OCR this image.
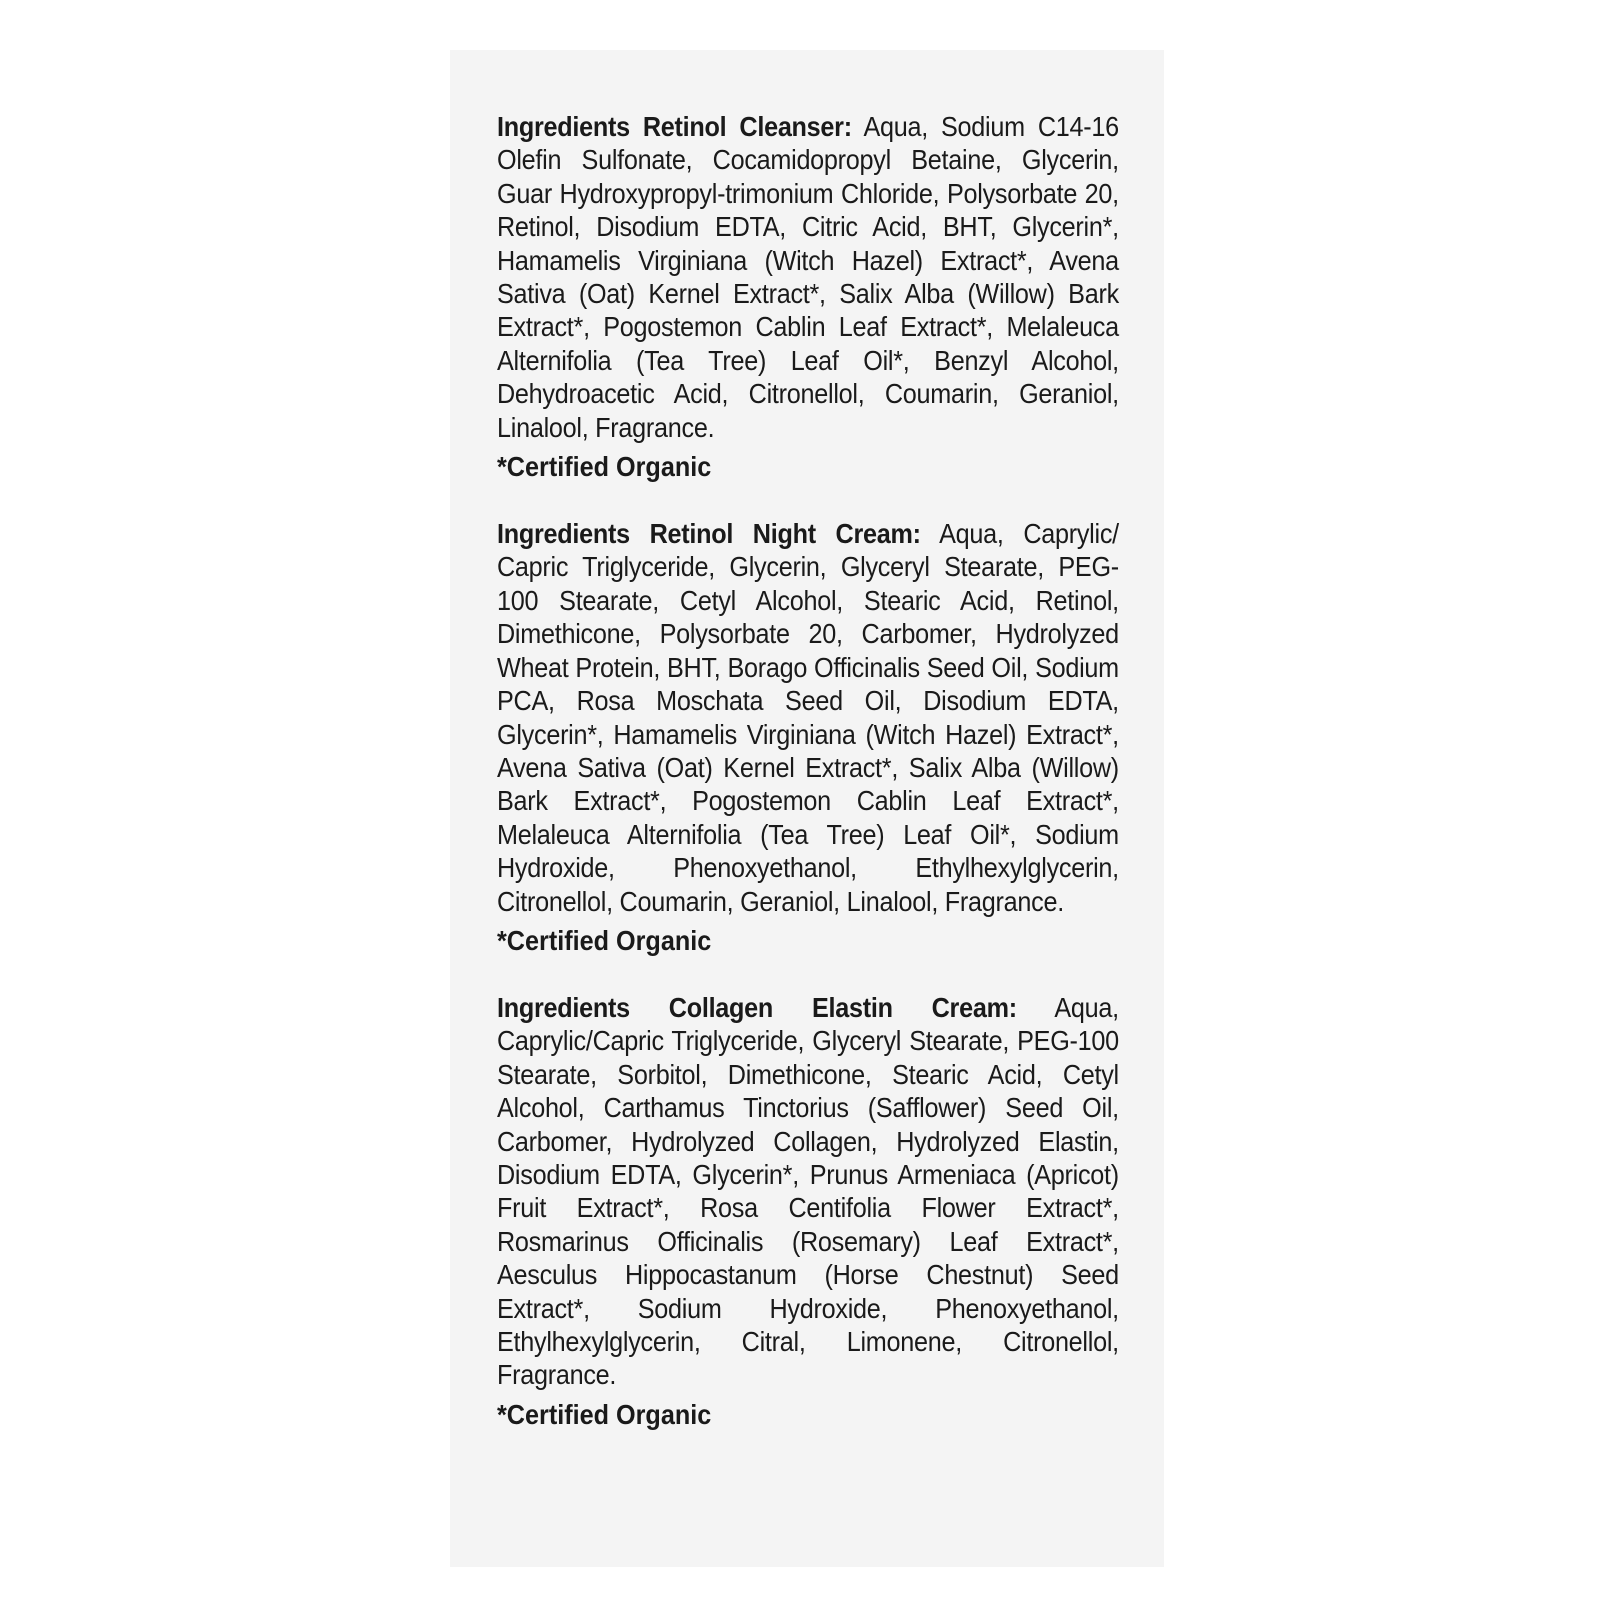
Ingredients Retinol Cleanser: Aqua, Sodium C14-16 Olefin Sulfonate, Cocamidopropyl Betaine, Glycerin, Guar Hydroxypropyl-trimonium Chloride, Polysorbate 20, Retinol, Disodium EDTA, Citric Acid, BHT, Glycerin*, Hamamelis Virginiana (Witch Hazel) Extract*, Avena Sativa (Oat) Kernel Extract*, Salix Alba (Willow) Bark Extract*, Pogostemon Cablin Leaf Extract*, Melaleuca Alternifolia (Tea Tree) Leaf Oil*, Benzyl Alcohol, Dehydroacetic Acid, Citronellol, Coumarin, Geraniol, Linalool, Fragrance.

*Certified Organic

Ingredients Retinol Night Cream: Aqua, Caprylic/ Capric Triglyceride, Glycerin, Glyceryl Stearate, PEG-100 Stearate, Cetyl Alcohol, Stearic Acid, Retinol, Dimethicone, Polysorbate 20, Carbomer, Hydrolyzed Wheat Protein, BHT, Borago Officinalis Seed Oil, Sodium PCA, Rosa Moschata Seed Oil, Disodium EDTA, Glycerin*, Hamamelis Virginiana (Witch Hazel) Extract*, Avena Sativa (Oat) Kernel Extract*, Salix Alba (Willow) Bark Extract*, Pogostemon Cablin Leaf Extract*, Melaleuca Alternifolia (Tea Tree) Leaf Oil*, Sodium Hydroxide, Phenoxyethanol, Ethylhexylglycerin, Citronellol, Coumarin, Geraniol, Linalool, Fragrance.

*Certified Organic

Ingredients Collagen Elastin Cream: Aqua, Caprylic/Capric Triglyceride, Glyceryl Stearate, PEG-100 Stearate, Sorbitol, Dimethicone, Stearic Acid, Cetyl Alcohol, Carthamus Tinctorius (Safflower) Seed Oil, Carbomer, Hydrolyzed Collagen, Hydrolyzed Elastin, Disodium EDTA, Glycerin*, Prunus Armeniaca (Apricot) Fruit Extract*, Rosa Centifolia Flower Extract*, Rosmarinus Officinalis (Rosemary) Leaf Extract*, Aesculus Hippocastanum (Horse Chestnut) Seed Extract*, Sodium Hydroxide, Phenoxyethanol, Ethylhexylglycerin, Citral, Limonene, Citronellol, Fragrance.

*Certified Organic
